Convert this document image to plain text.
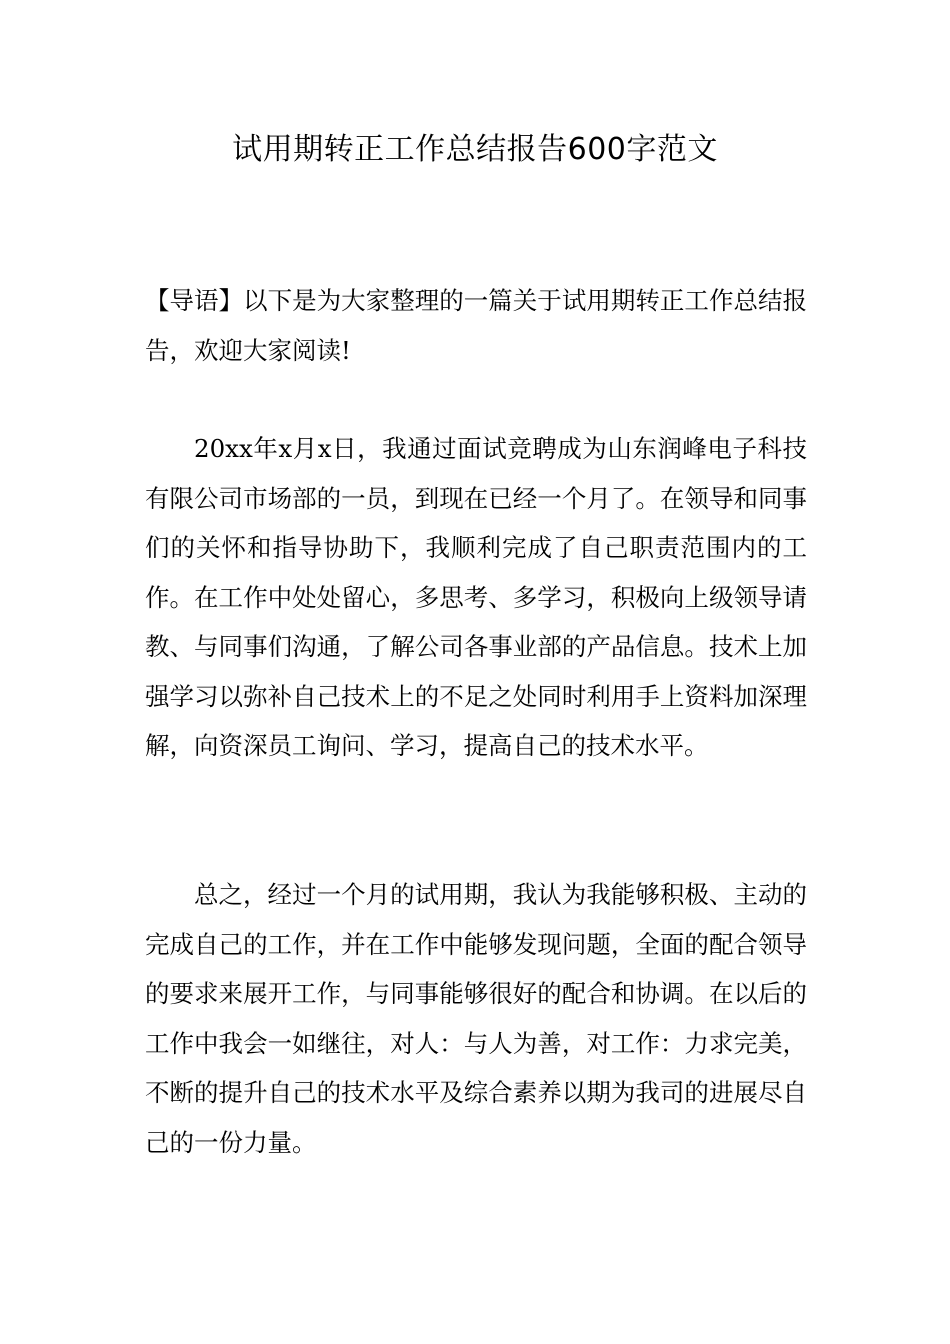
试用期转正工作总结报告600字范文

【导语】以下是为大家整理的一篇关于试用期转正工作总结报告，欢迎大家阅读!

20xx年x月x日，我通过面试竞聘成为山东润峰电子科技有限公司市场部的一员，到现在已经一个月了。在领导和同事们的关怀和指导协助下，我顺利完成了自己职责范围内的工作。在工作中处处留心，多思考、多学习，积极向上级领导请教、与同事们沟通，了解公司各事业部的产品信息。技术上加强学习以弥补自己技术上的不足之处同时利用手上资料加深理解，向资深员工询问、学习，提高自己的技术水平。

总之，经过一个月的试用期，我认为我能够积极、主动的完成自己的工作，并在工作中能够发现问题，全面的配合领导的要求来展开工作，与同事能够很好的配合和协调。在以后的工作中我会一如继往，对人：与人为善，对工作：力求完美，不断的提升自己的技术水平及综合素养以期为我司的进展尽自己的一份力量。
